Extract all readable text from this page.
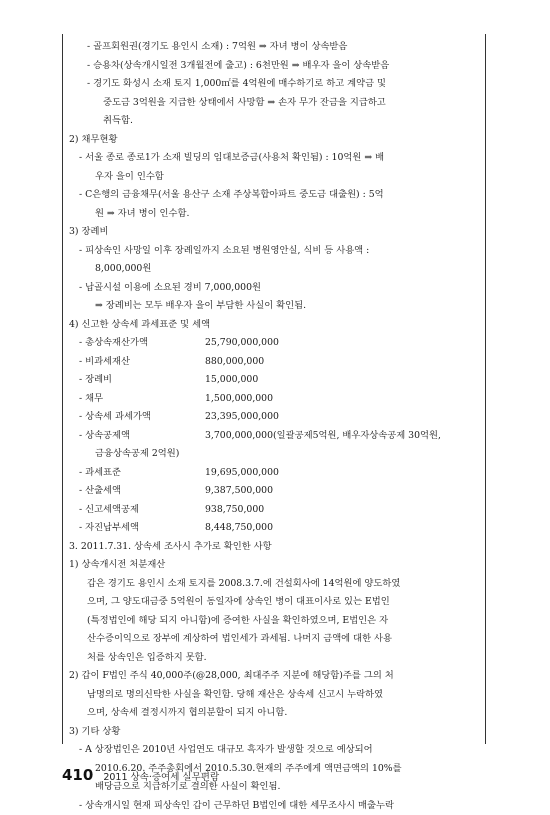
- 골프회원권(경기도 용인시 소재) : 7억원 ⇒ 자녀 병이 상속받음
- 승용차(상속개시일전 3개월전에 출고) : 6천만원 ⇒ 배우자 을이 상속받음
- 경기도 화성시 소재 토지 1,000㎡를 4억원에 매수하기로 하고 계약금 및
중도금 3억원을 지급한 상태에서 사망함 ⇒ 손자 무가 잔금을 지급하고
취득함.
2) 채무현황
- 서울 종로 종로1가 소재 빌딩의 임대보증금(사용처 확인됨) : 10억원 ⇒ 배
우자 을이 인수함
- C은행의 금융채무(서울 용산구 소재 주상복합아파트 중도금 대출원) : 5억
원 ⇒ 자녀 병이 인수함.
3) 장례비
- 피상속인 사망일 이후 장례일까지 소요된 병원영안실, 식비 등 사용액 :
8,000,000원
- 납골시설 이용에 소요된 경비 7,000,000원
⇒ 장례비는 모두 배우자 을이 부담한 사실이 확인됨.
4) 신고한 상속세 과세표준 및 세액
- 총상속재산가액	25,790,000,000
- 비과세재산	880,000,000
- 장례비	15,000,000
- 채무	1,500,000,000
- 상속세 과세가액	23,395,000,000
- 상속공제액	3,700,000,000(일괄공제5억원, 배우자상속공제 30억원,
금융상속공제 2억원)
- 과세표준	19,695,000,000
- 산출세액	9,387,500,000
- 신고세액공제	938,750,000
- 자진납부세액	8,448,750,000
3. 2011.7.31. 상속세 조사시 추가로 확인한 사항
1) 상속개시전 처분재산
갑은 경기도 용인시 소재 토지를 2008.3.7.에 건설회사에 14억원에 양도하였
으며, 그 양도대금중 5억원이 동일자에 상속인 병이 대표이사로 있는 E법인
(특정법인에 해당 되지 아니함)에 증여한 사실을 확인하였으며, E법인은 자
산수증이익으로 장부에 계상하여 법인세가 과세됨. 나머지 금액에 대한 사용
처를 상속인은 입증하지 못함.
2) 갑이 F법인 주식 40,000주(@28,000, 최대주주 지분에 해당함)주를 그의 처
남명의로 명의신탁한 사실을 확인함. 당해 재산은 상속세 신고시 누락하였
으며, 상속세 결정시까지 협의분할이 되지 아니함.
3) 기타 상황
- A 상장법인은 2010년 사업연도 대규모 흑자가 발생할 것으로 예상되어
2010.6.20. 주주총회에서 2010.5.30.현재의 주주에게 액면금액의 10%를
배당금으로 지급하기로 결의한 사실이 확인됨.
- 상속개시일 현재 피상속인 갑이 근무하던 B법인에 대한 세무조사시 매출누락
410 2011 상속·증여세 실무편람
